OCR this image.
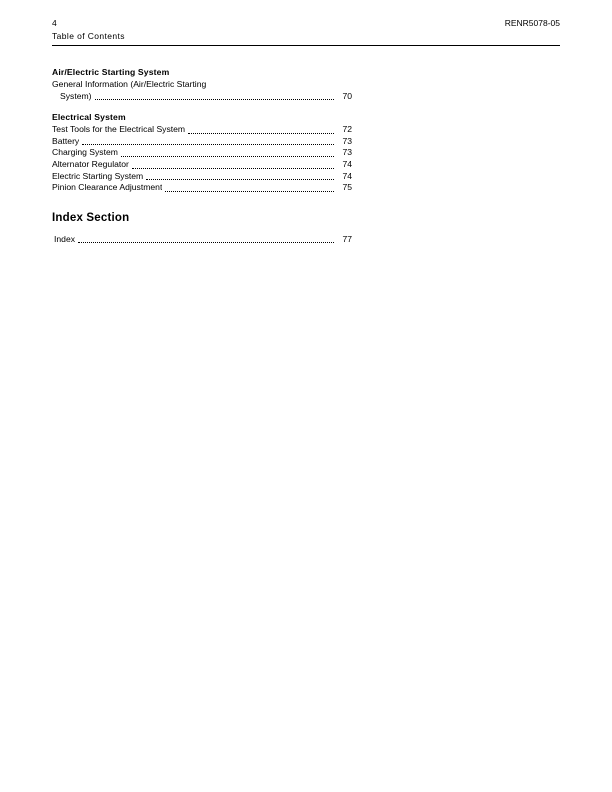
4	RENR5078-05
Table of Contents
Air/Electric Starting System
General Information (Air/Electric Starting
System)	70
Electrical System
Test Tools for the Electrical System	72
Battery	73
Charging System	73
Alternator Regulator	74
Electric Starting System	74
Pinion Clearance Adjustment	75
Index Section
Index	77
